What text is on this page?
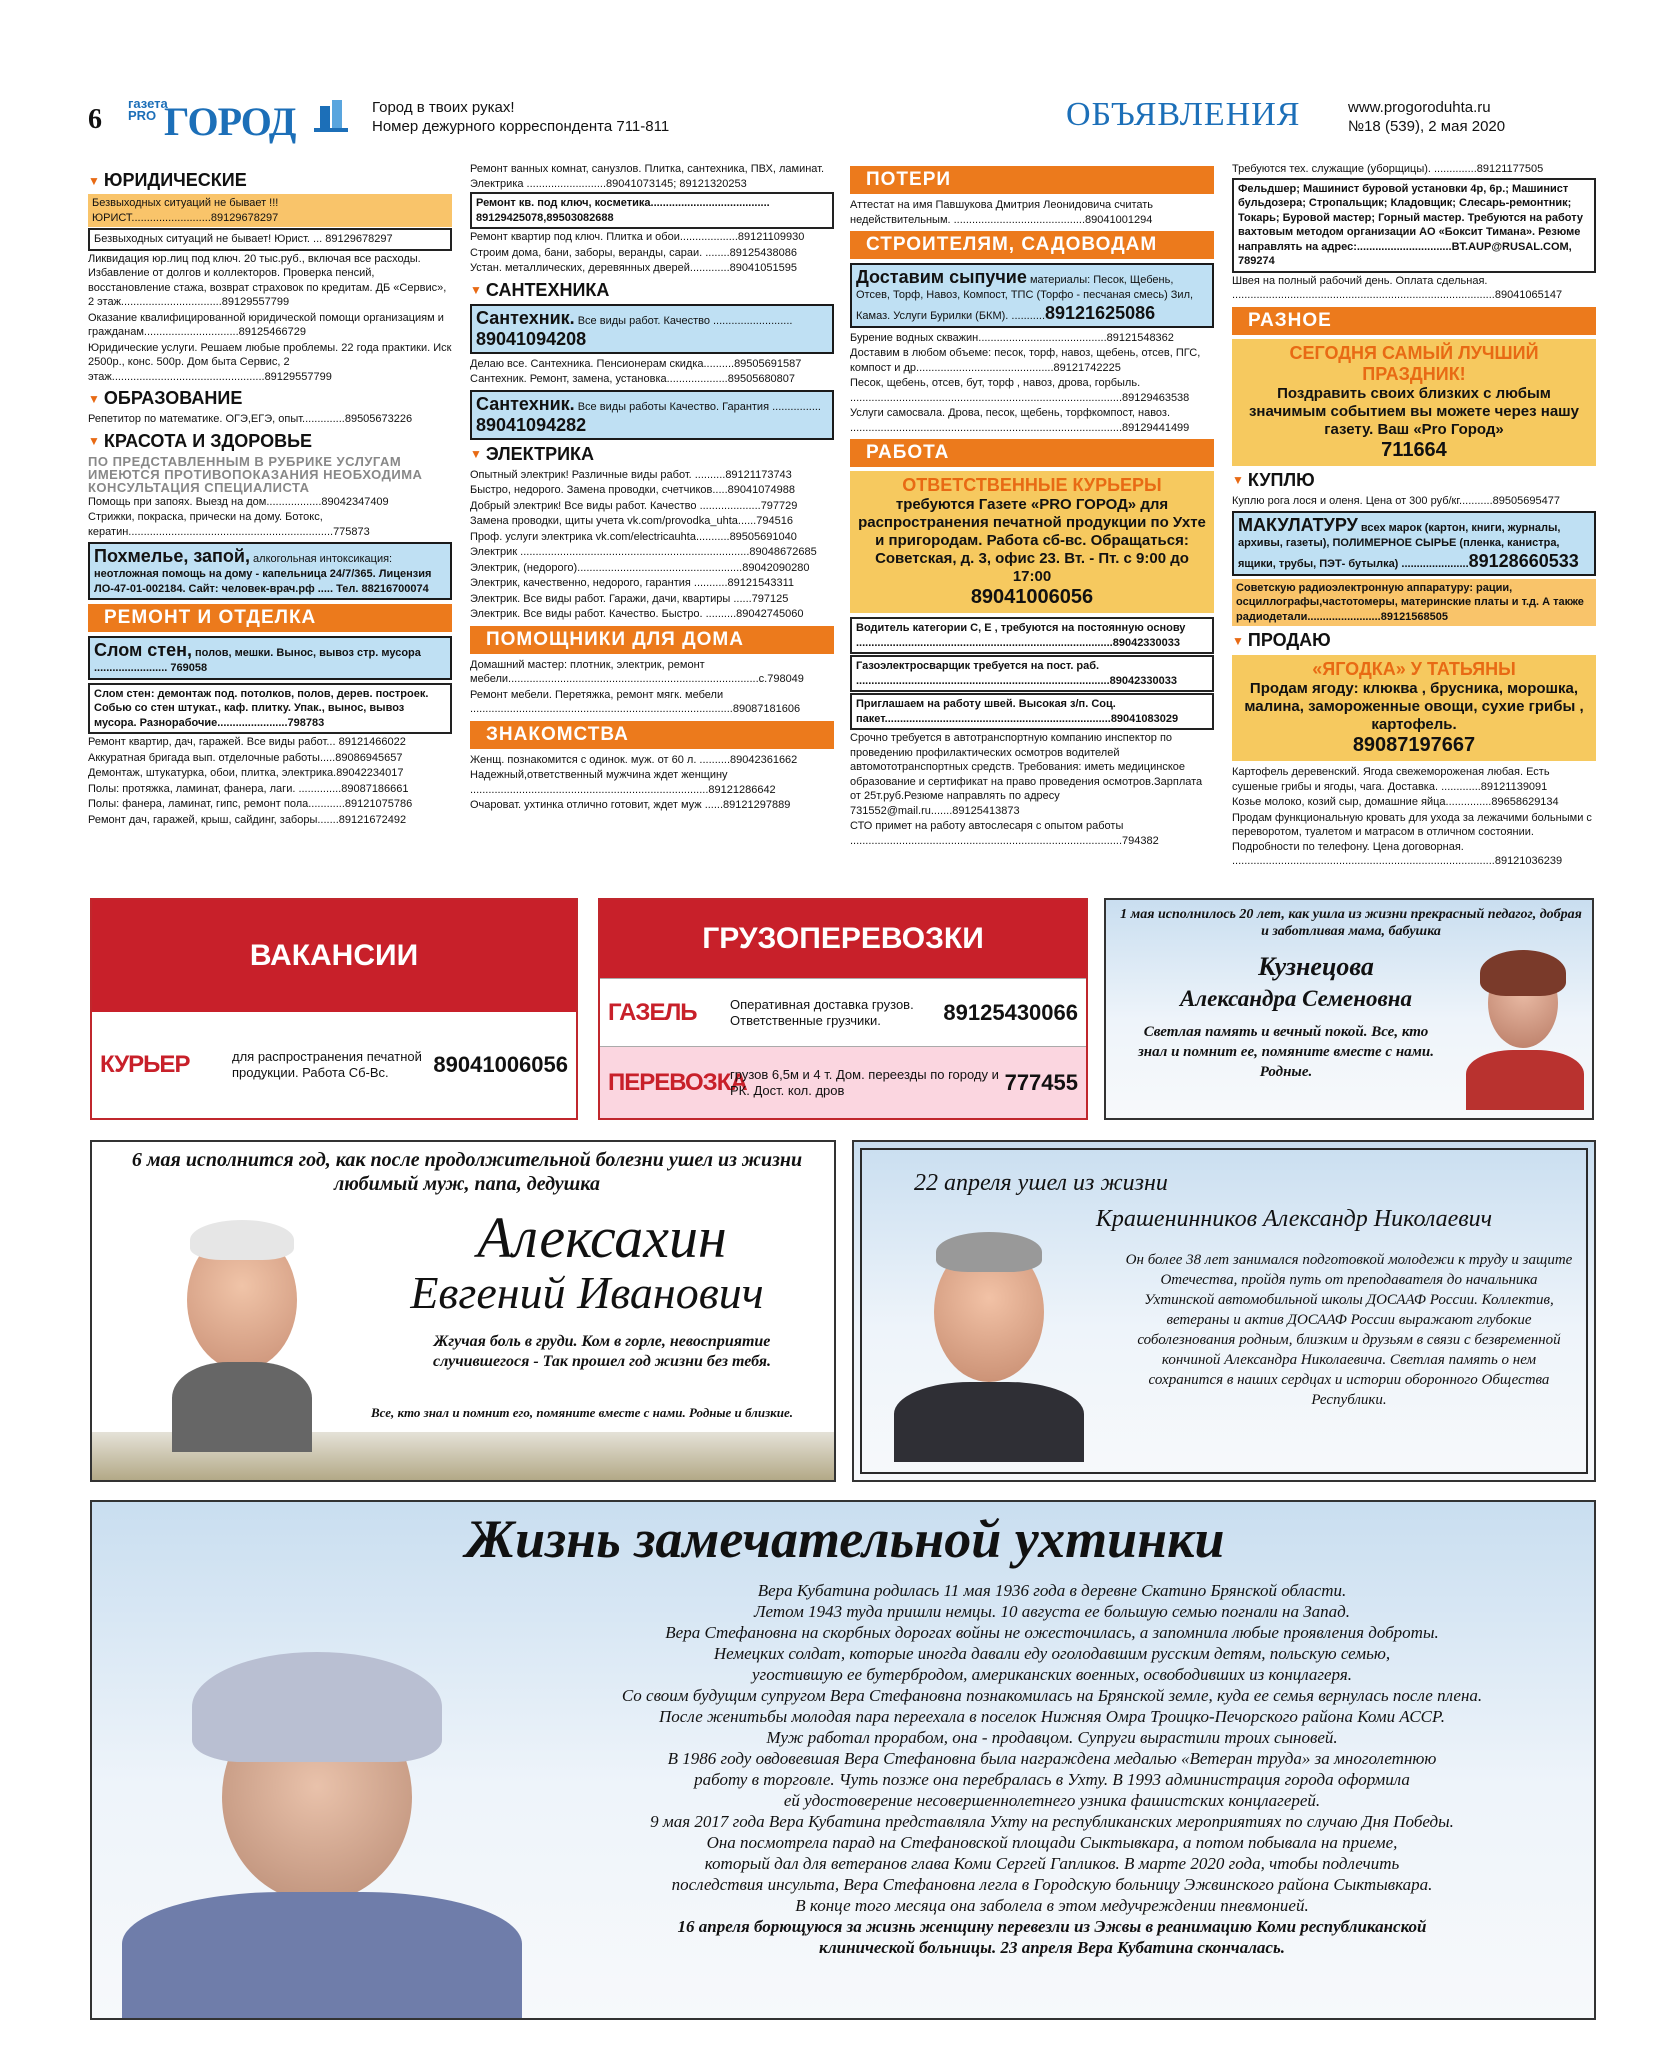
6
газета
PRO ГОРОД	Город в твоих руках!
Номер дежурного корреспондента 711-811	ОБЪЯВЛЕНИЯ	www.progoroduhta.ru
№18 (539), 2 мая 2020
▼ ЮРИДИЧЕСКИЕ

Безвыходных ситуаций не бывает !!! ЮРИСТ..........................89129678297

Безвыходных ситуаций не бывает! Юрист. ... 89129678297

Ликвидация юр.лиц под ключ. 20 тыс.руб., включая все расходы. Избавление от долгов и коллекторов. Проверка пенсий, восстановление стажа, возврат страховок по кредитам. ДБ «Сервис», 2 этаж.................................89129557799

Оказание квалифицированной юридической помощи организациям и гражданам...............................89125466729

Юридические услуги. Решаем любые проблемы. 22 года практики. Иск 2500р., конс. 500р. Дом быта Сервис, 2 этаж..................................................89129557799

▼ ОБРАЗОВАНИЕ

Репетитор по математике. ОГЭ,ЕГЭ, опыт..............89505673226

▼ КРАСОТА И ЗДОРОВЬЕ

ПО ПРЕДСТАВЛЕННЫМ В РУБРИКЕ УСЛУГАМ ИМЕЮТСЯ ПРОТИВОПОКАЗАНИЯ НЕОБХОДИМА КОНСУЛЬТАЦИЯ СПЕЦИАЛИСТА

Помощь при запоях. Выезд на дом..................89042347409

Стрижки, покраска, прически на дому. Ботокс, кератин...................................................................775873

Похмелье, запой, алкогольная интоксикация:
неотложная помощь на дому - капельница 24/7/365. Лицензия ЛО-47-01-002184. Сайт: человек-врач.рф ..... Тел. 88216700074
РЕМОНТ И ОТДЕЛКА
Слом стен, полов, мешки. Вынос, вывоз стр. мусора ........................ 769058

Слом стен: демонтаж под. потолков, полов, дерев. построек. Собью со стен штукат., каф. плитку. Упак., вынос, вывоз мусора. Разнорабочие.......................798783

Ремонт квартир, дач, гаражей. Все виды работ... 89121466022

Аккуратная бригада вып. отделочные работы.....89086945657

Демонтаж, штукатурка, обои, плитка, электрика.89042234017

Полы: протяжка, ламинат, фанера, лаги. ..............89087186661

Полы: фанера, ламинат, гипс, ремонт пола............89121075786

Ремонт дач, гаражей, крыш, сайдинг, заборы.......89121672492

Ремонт ванных комнат, санузлов. Плитка, сантехника, ПВХ, ламинат. Электрика ..........................89041073145; 89121320253

Ремонт кв. под ключ, косметика....................................... 89129425078,89503082688

Ремонт квартир под ключ. Плитка и обои...................89121109930

Строим дома, бани, заборы, веранды, сараи. ........89125438086

Устан. металлических, деревянных дверей.............89041051595

▼ САНТЕХНИКА
Сантехник. Все виды работ. Качество .......................... 89041094208

Делаю все. Сантехника. Пенсионерам скидка..........89505691587

Сантехник. Ремонт, замена, установка....................89505680807

Сантехник. Все виды работы Качество. Гарантия ................ 89041094282
▼ ЭЛЕКТРИКА

Опытный электрик! Различные виды работ. ..........89121173743

Быстро, недорого. Замена проводки, счетчиков.....89041074988

Добрый электрик! Все виды работ. Качество ....................797729

Замена проводки, щиты учета vk.com/provodka_uhta......794516

Проф. услуги электрика vk.com/electricauhta...........89505691040

Электрик ...........................................................................89048672685

Электрик, (недорого)......................................................89042090280

Электрик, качественно, недорого, гарантия ...........89121543311

Электрик. Все виды работ. Гаражи, дачи, квартиры ......797125

Электрик. Все виды работ. Качество. Быстро. ..........89042745060

ПОМОЩНИКИ ДЛЯ ДОМА

Домашний мастер: плотник, электрик, ремонт мебели..................................................................................с.798049

Ремонт мебели. Перетяжка, ремонт мягк. мебели ......................................................................................89087181606

ЗНАКОМСТВА

Женщ. познакомится с одинок. муж. от 60 л. ..........89042361662

Надежный,ответственный мужчина ждет женщину ..............................................................................89121286642

Очароват. ухтинка отлично готовит, ждет муж ......89121297889

ПОТЕРИ

Аттестат на имя Павшукова Дмитрия Леонидовича считать недействительным. ...........................................89041001294

СТРОИТЕЛЯМ, САДОВОДАМ
Доставим сыпучие материалы: Песок, Щебень, Отсев, Торф, Навоз, Компост, ТПС (Торфо - песчаная смесь) Зил, Камаз. Услуги Бурилки (БКМ). ...........89121625086

Бурение водных скважин..........................................89121548362

Доставим в любом объеме: песок, торф, навоз, щебень, отсев, ПГС, компост и др.............................................89121742225

Песок, щебень, отсев, бут, торф , навоз, дрова, горбыль. .........................................................................................89129463538

Услуги самосвала. Дрова, песок, щебень, торфкомпост, навоз. .........................................................................................89129441499

РАБОТА
ОТВЕТСТВЕННЫЕ КУРЬЕРЫ
требуются Газете «PRO ГОРОД» для распространения печатной продукции по Ухте и пригородам. Работа сб-вс. Обращаться: Советская, д. 3, офис 23. Вт. - Пт. с 9:00 до 17:00
89041006056

Водитель категории С, Е , требуются на постоянную основу ....................................................................................89042330033

Газоэлектросварщик требуется на пост. раб. ...................................................................................89042330033

Приглашаем на работу швей. Высокая з/п. Соц. пакет..........................................................................89041083029

Срочно требуется в автотранспортную компанию инспектор по проведению профилактических осмотров водителей автомототранспортных средств. Требования: иметь медицинское образование и сертификат на право проведения осмотров.Зарплата от 25т.руб.Резюме направлять по адресу 731552@mail.ru.......89125413873

СТО примет на работу автослесаря с опытом работы .........................................................................................794382

Требуются тех. служащие (уборщицы). ..............89121177505

Фельдшер; Машинист буровой установки 4р, 6р.; Машинист бульдозера; Стропальщик; Кладовщик; Слесарь-ремонтник; Токарь; Буровой мастер; Горный мастер. Требуются на работу вахтовым методом организации АО «Боксит Тимана». Резюме направлять на адрес:...............................BT.AUP@RUSAL.COM, 789274

Швея на полный рабочий день. Оплата сдельная. ......................................................................................89041065147

РАЗНОЕ
СЕГОДНЯ САМЫЙ ЛУЧШИЙ ПРАЗДНИК!
Поздравить своих близких с любым значимым событием вы можете через нашу газету. Ваш «Pro Город»
711664
▼ КУПЛЮ

Куплю рога лося и оленя. Цена от 300 руб/кг...........89505695477

МАКУЛАТУРУ всех марок (картон, книги, журналы, архивы, газеты), ПОЛИМЕРНОЕ СЫРЬЕ (пленка, канистра, ящики, трубы, ПЭТ- бутылка) ......................89128660533

Советскую радиоэлектронную аппаратуру: рации, осциллографы,частотомеры, материнские платы и т.д. А также радиодетали........................89121568505

▼ ПРОДАЮ
«ЯГОДКА» У ТАТЬЯНЫ
Продам ягоду: клюква , брусника, морошка, малина, замороженные овощи, сухие грибы , картофель.
89087197667

Картофель деревенский. Ягода свежемороженая любая. Есть сушеные грибы и ягоды, чага. Доставка. .............89121139091

Козье молоко, козий сыр, домашние яйца...............89658629134

Продам функциональную кровать для ухода за лежачими больными с переворотом, туалетом и матрасом в отличном состоянии. Подробности по телефону. Цена договорная. ......................................................................................89121036239

ВАКАНСИИ
КУРЬЕР	для распространения печатной продукции. Работа Сб-Вс.	89041006056
ГРУЗОПЕРЕВОЗКИ
ГАЗЕЛЬ	Оперативная доставка грузов. Ответственные грузчики.	89125430066
ПЕРЕВОЗКА
грузов 6,5м и 4 т. Дом. переезды по городу и РК. Дост. кол. дров	777455
1 мая исполнилось 20 лет, как ушла из жизни прекрасный педагог, добрая и заботливая мама, бабушка
Кузнецова
Александра Семеновна
Светлая память и вечный покой. Все, кто знал и помнит ее, помяните вместе с нами. Родные.
6 мая исполнится год, как после продолжительной болезни ушел из жизни любимый муж, папа, дедушка
Алексахин
Евгений Иванович
Жгучая боль в груди. Ком в горле, невосприятие случившегося - Так прошел год жизни без тебя.
Все, кто знал и помнит его, помяните вместе с нами. Родные и близкие.
22 апреля ушел из жизни
Крашенинников Александр Николаевич
Он более 38 лет занимался подготовкой молодежи к труду и защите Отечества, пройдя путь от преподавателя до начальника Ухтинской автомобильной школы ДОСААФ России. Коллектив, ветераны и актив ДОСААФ России выражают глубокие соболезнования родным, близким и друзьям в связи с безвременной кончиной Александра Николаевича. Светлая память о нем сохранится в наших сердцах и истории оборонного Общества Республики.
Жизнь замечательной ухтинки
Вера Кубатина родилась 11 мая 1936 года в деревне Скатино Брянской области.
Летом 1943 туда пришли немцы. 10 августа ее большую семью погнали на Запад.
Вера Стефановна на скорбных дорогах войны не ожесточилась, а запомнила любые проявления доброты.
Немецких солдат, которые иногда давали еду оголодавшим русским детям, польскую семью,
угостившую ее бутербродом, американских военных, освободивших из концлагеря.
Со своим будущим супругом Вера Стефановна познакомилась на Брянской земле, куда ее семья вернулась после плена.
После женитьбы молодая пара переехала в поселок Нижняя Омра Троицко-Печорского района Коми АССР.
Муж работал прорабом, она - продавцом. Супруги вырастили троих сыновей.
В 1986 году овдовевшая Вера Стефановна была награждена медалью «Ветеран труда» за многолетнюю
работу в торговле. Чуть позже она перебралась в Ухту. В 1993 администрация города оформила
ей удостоверение несовершеннолетнего узника фашистских концлагерей.
9 мая 2017 года Вера Кубатина представляла Ухту на республиканских мероприятиях по случаю Дня Победы.
Она посмотрела парад на Стефановской площади Сыктывкара, а потом побывала на приеме,
который дал для ветеранов глава Коми Сергей Гапликов. В марте 2020 года, чтобы подлечить
последствия инсульта, Вера Стефановна легла в Городскую больницу Эжвинского района Сыктывкара.
В конце того месяца она заболела в этом медучреждении пневмонией.
16 апреля борющуюся за жизнь женщину перевезли из Эжвы в реанимацию Коми республиканской
клинической больницы. 23 апреля Вера Кубатина скончалась.
